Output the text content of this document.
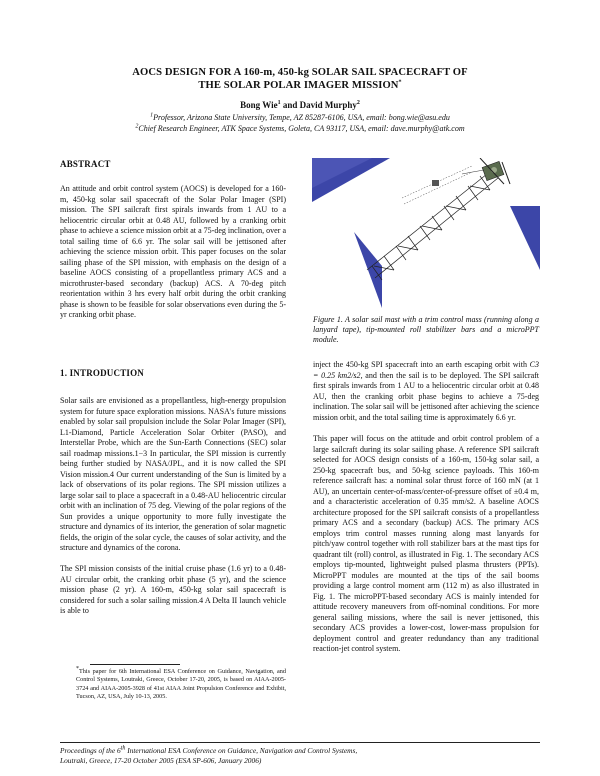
AOCS DESIGN FOR A 160-m, 450-kg SOLAR SAIL SPACECRAFT OF
THE SOLAR POLAR IMAGER MISSION*
Bong Wie$^1$ and David Murphy$^2$
$^1$Professor, Arizona State University, Tempe, AZ 85287-6106, USA, email: bong.wie@asu.edu
$^2$Chief Research Engineer, ATK Space Systems, Goleta, CA 93117, USA, email: dave.murphy@atk.com
ABSTRACT

An attitude and orbit control system (AOCS) is developed for a 160-m, 450-kg solar sail spacecraft of the Solar Polar Imager (SPI) mission. The SPI sailcraft first spirals inwards from 1 AU to a heliocentric circular orbit at 0.48 AU, followed by a cranking orbit phase to achieve a science mission orbit at a 75-deg inclination, over a total sailing time of 6.6 yr. The solar sail will be jettisoned after achieving the science mission orbit. This paper focuses on the solar sailing phase of the SPI mission, with emphasis on the design of a baseline AOCS consisting of a propellantless primary ACS and a microthruster-based secondary (backup) ACS. A 70-deg pitch reorientation within 3 hrs every half orbit during the orbit cranking phase is shown to be feasible for solar observations even during the 5-yr cranking orbit phase.

1. INTRODUCTION

Solar sails are envisioned as a propellantless, high-energy propulsion system for future space exploration missions. NASA's future missions enabled by solar sail propulsion include the Solar Polar Imager (SPI), L1-Diamond, Particle Acceleration Solar Orbiter (PASO), and Interstellar Probe, which are the Sun-Earth Connections (SEC) solar sail roadmap missions.1−3 In particular, the SPI mission is currently being further studied by NASA/JPL, and it is now called the SPI Vision mission.4 Our current understanding of the Sun is limited by a lack of observations of its polar regions. The SPI mission utilizes a large solar sail to place a spacecraft in a 0.48-AU heliocentric circular orbit with an inclination of 75 deg. Viewing of the polar regions of the Sun provides a unique opportunity to more fully investigate the structure and dynamics of its interior, the generation of solar magnetic fields, the origin of the solar cycle, the causes of solar activity, and the structure and dynamics of the corona.

The SPI mission consists of the initial cruise phase (1.6 yr) to a 0.48-AU circular orbit, the cranking orbit phase (5 yr), and the science mission phase (2 yr). A 160-m, 450-kg solar sail spacecraft is considered for such a solar sailing mission.4 A Delta II launch vehicle is able to

*This paper for 6th International ESA Conference on Guidance, Navigation, and Control Systems, Loutraki, Greece, October 17-20, 2005, is based on AIAA-2005-3724 and AIAA-2005-3928 of 41st AIAA Joint Propulsion Conference and Exhibit, Tucson, AZ, USA, July 10-13, 2005.

Figure 1. A solar sail mast with a trim control mass (running along a lanyard tape), tip-mounted roll stabilizer bars and a microPPT module.

inject the 450-kg SPI spacecraft into an earth escaping orbit with C3 = 0.25 km2/s2, and then the sail is to be deployed. The SPI sailcraft first spirals inwards from 1 AU to a heliocentric circular orbit at 0.48 AU, then the cranking orbit phase begins to achieve a 75-deg inclination. The solar sail will be jettisoned after achieving the science mission orbit, and the total sailing time is approximately 6.6 yr.

This paper will focus on the attitude and orbit control problem of a large sailcraft during its solar sailing phase. A reference SPI sailcraft selected for AOCS design consists of a 160-m, 150-kg solar sail, a 250-kg spacecraft bus, and 50-kg science payloads. This 160-m reference sailcraft has: a nominal solar thrust force of 160 mN (at 1 AU), an uncertain center-of-mass/center-of-pressure offset of ±0.4 m, and a characteristic acceleration of 0.35 mm/s2. A baseline AOCS architecture proposed for the SPI sailcraft consists of a propellantless primary ACS and a secondary (backup) ACS. The primary ACS employs trim control masses running along mast lanyards for pitch/yaw control together with roll stabilizer bars at the mast tips for quadrant tilt (roll) control, as illustrated in Fig. 1. The secondary ACS employs tip-mounted, lightweight pulsed plasma thrusters (PPTs). MicroPPT modules are mounted at the tips of the sail booms providing a large control moment arm (112 m) as also illustrated in Fig. 1. The microPPT-based secondary ACS is mainly intended for attitude recovery maneuvers from off-nominal conditions. For more general sailing missions, where the sail is never jettisoned, this secondary ACS provides a lower-cost, lower-mass propulsion for deployment control and greater redundancy than any traditional reaction-jet control system.

Proceedings of the 6th International ESA Conference on Guidance, Navigation and Control Systems,
Loutraki, Greece, 17-20 October 2005 (ESA SP-606, January 2006)
